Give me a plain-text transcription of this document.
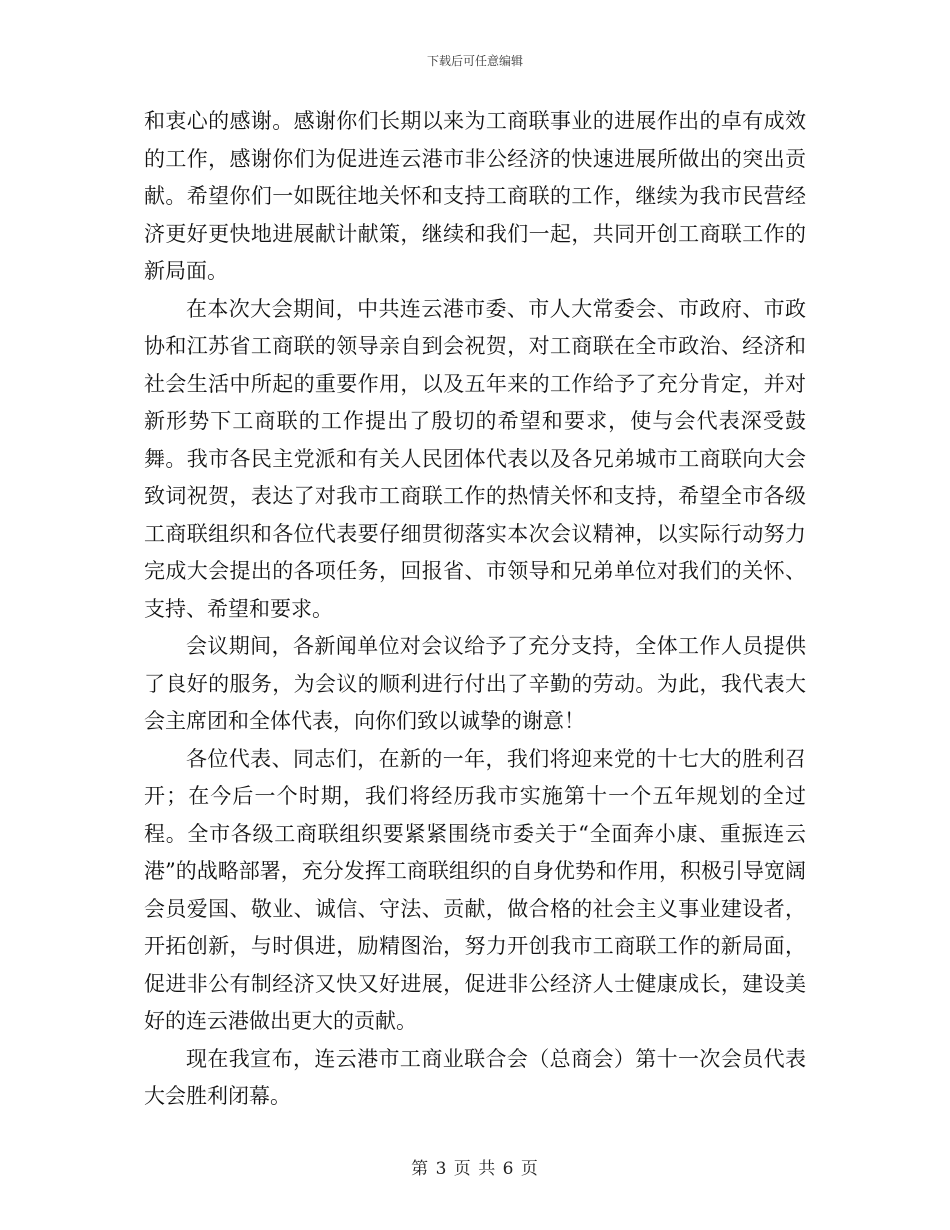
下载后可任意编辑

和衷心的感谢。感谢你们长期以来为工商联事业的进展作出的卓有成效的工作，感谢你们为促进连云港市非公经济的快速进展所做出的突出贡献。希望你们一如既往地关怀和支持工商联的工作，继续为我市民营经济更好更快地进展献计献策，继续和我们一起，共同开创工商联工作的新局面。

在本次大会期间，中共连云港市委、市人大常委会、市政府、市政协和江苏省工商联的领导亲自到会祝贺，对工商联在全市政治、经济和社会生活中所起的重要作用，以及五年来的工作给予了充分肯定，并对新形势下工商联的工作提出了殷切的希望和要求，使与会代表深受鼓舞。我市各民主党派和有关人民团体代表以及各兄弟城市工商联向大会致词祝贺，表达了对我市工商联工作的热情关怀和支持，希望全市各级工商联组织和各位代表要仔细贯彻落实本次会议精神，以实际行动努力完成大会提出的各项任务，回报省、市领导和兄弟单位对我们的关怀、支持、希望和要求。

会议期间，各新闻单位对会议给予了充分支持，全体工作人员提供了良好的服务，为会议的顺利进行付出了辛勤的劳动。为此，我代表大会主席团和全体代表，向你们致以诚挚的谢意！

各位代表、同志们，在新的一年，我们将迎来党的十七大的胜利召开；在今后一个时期，我们将经历我市实施第十一个五年规划的全过程。全市各级工商联组织要紧紧围绕市委关于“全面奔小康、重振连云港”的战略部署，充分发挥工商联组织的自身优势和作用，积极引导宽阔会员爱国、敬业、诚信、守法、贡献，做合格的社会主义事业建设者，开拓创新，与时俱进，励精图治，努力开创我市工商联工作的新局面，促进非公有制经济又快又好进展，促进非公经济人士健康成长，建设美好的连云港做出更大的贡献。

现在我宣布，连云港市工商业联合会（总商会）第十一次会员代表大会胜利闭幕。

第 3 页 共 6 页
